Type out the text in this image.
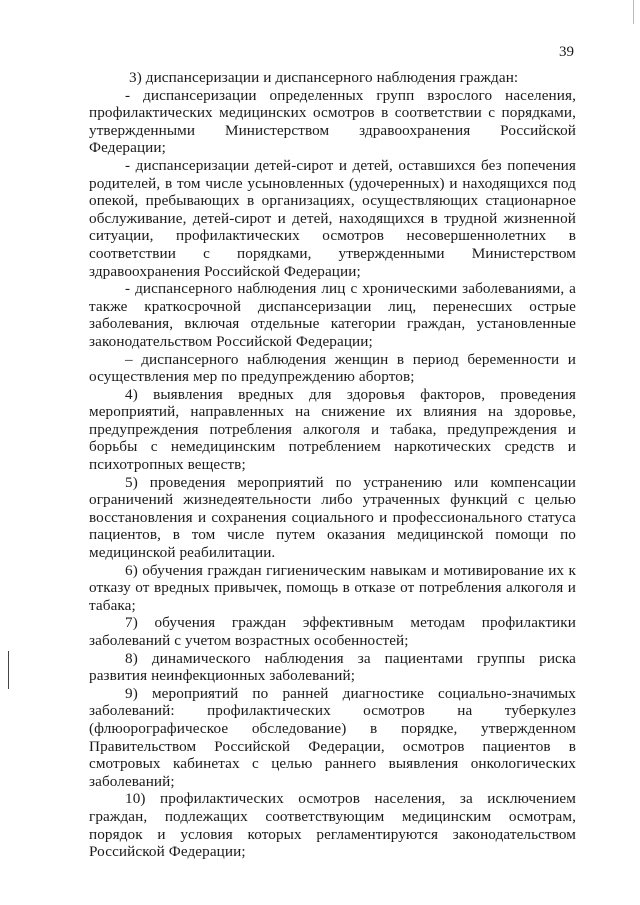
39

3) диспансеризации и диспансерного наблюдения граждан:

- диспансеризации определенных групп взрослого населения, профилактических медицинских осмотров в соответствии с порядками, утвержденными Министерством здравоохранения Российской Федерации;

- диспансеризации детей-сирот и детей, оставшихся без попечения родителей, в том числе усыновленных (удочеренных) и находящихся под опекой, пребывающих в организациях, осуществляющих стационарное обслуживание, детей-сирот и детей, находящихся в трудной жизненной ситуации, профилактических осмотров несовершеннолетних в соответствии с порядками, утвержденными Министерством здравоохранения Российской Федерации;

- диспансерного наблюдения лиц с хроническими заболеваниями, а также краткосрочной диспансеризации лиц, перенесших острые заболевания, включая отдельные категории граждан, установленные законодательством Российской Федерации;

– диспансерного наблюдения женщин в период беременности и осуществления мер по предупреждению абортов;

4) выявления вредных для здоровья факторов, проведения мероприятий, направленных на снижение их влияния на здоровье, предупреждения потребления алкоголя и табака, предупреждения и борьбы с немедицинским потреблением наркотических средств и психотропных веществ;

5) проведения мероприятий по устранению или компенсации ограничений жизнедеятельности либо утраченных функций с целью восстановления и сохранения социального и профессионального статуса пациентов, в том числе путем оказания медицинской помощи по медицинской реабилитации.

6) обучения граждан гигиеническим навыкам и мотивирование их к отказу от вредных привычек, помощь в отказе от потребления алкоголя и табака;

7) обучения граждан эффективным методам профилактики заболеваний с учетом возрастных особенностей;

8) динамического наблюдения за пациентами группы риска развития неинфекционных заболеваний;

9) мероприятий по ранней диагностике социально-значимых заболеваний: профилактических осмотров на туберкулез (флюорографическое обследование) в порядке, утвержденном Правительством Российской Федерации, осмотров пациентов в смотровых кабинетах с целью раннего выявления онкологических заболеваний;

10) профилактических осмотров населения, за исключением граждан, подлежащих соответствующим медицинским осмотрам, порядок и условия которых регламентируются законодательством Российской Федерации;
